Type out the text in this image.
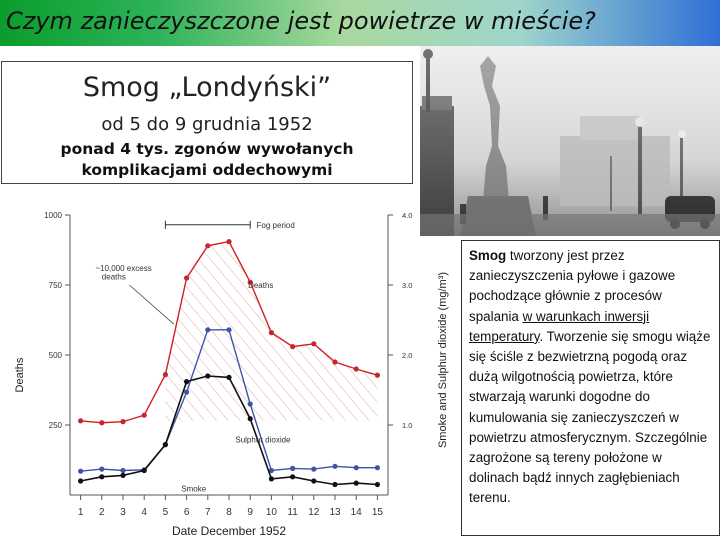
Czym zanieczyszczone jest powietrze w mieście?
Smog „Londyński”
od 5 do 9 grudnia 1952
ponad 4 tys. zgonów wywołanych komplikacjami oddechowymi
Fog period
250
500
750
1000
1.0
2.0
3.0
4.0
1 2 3 4 5 6 7 8 9 10 11 12 13 14 15
Date December 1952
Deaths	Smoke and Sulphur dioxide (mg/m³)
Deaths
Sulphur dioxide
Smoke
~10,000 excess
deaths
Smog tworzony jest przez zanieczyszczenia pyłowe i gazowe pochodzące głównie z procesów spalania w warunkach inwersji temperatury. Tworzenie się smogu wiąże się ściśle z bezwietrzną pogodą oraz dużą wilgotnością powietrza, które stwarzają warunki dogodne do kumulowania się zanieczyszczeń w powietrzu atmosferycznym. Szczególnie zagrożone są tereny położone w dolinach bądź innych zagłębieniach terenu.
